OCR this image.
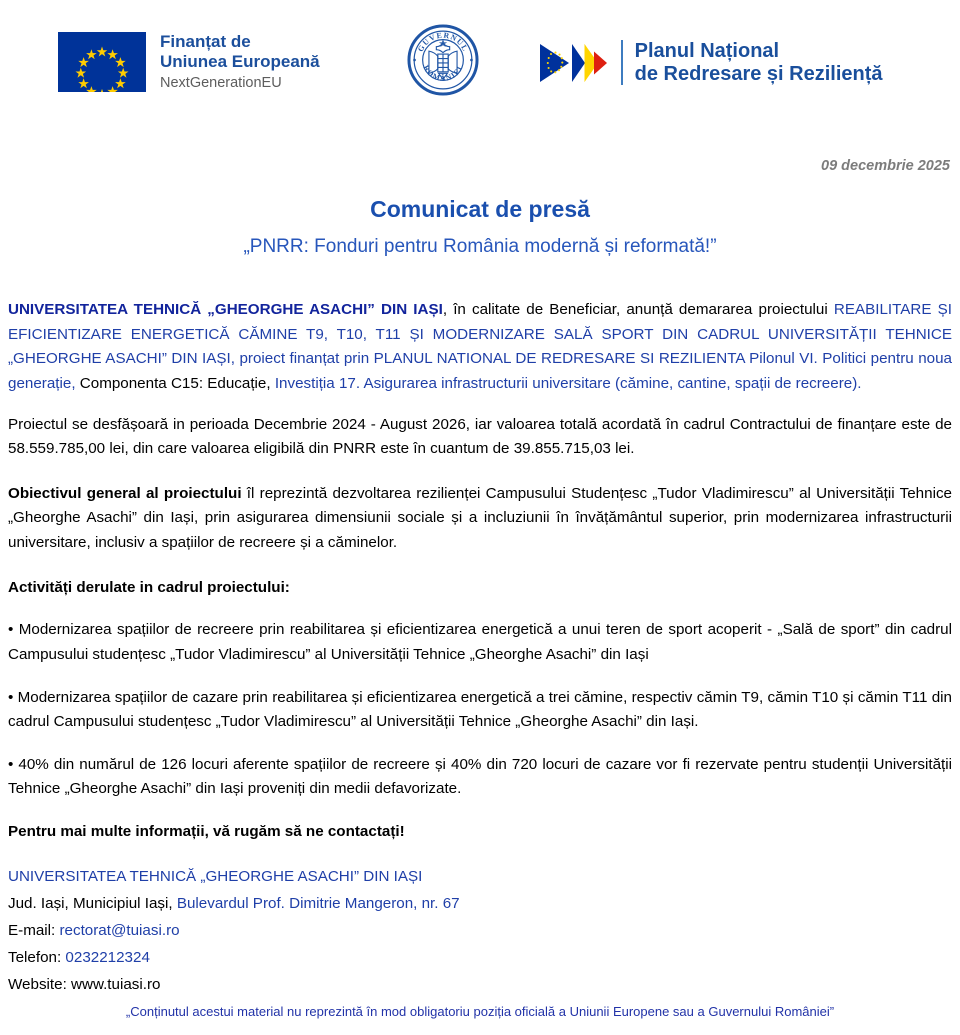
Finanțat de
Uniunea Europeană
NextGenerationEU
GUVERNUL
ROMÂNIEI
Planul Național
de Redresare și Reziliență
09 decembrie 2025
Comunicat de presă
„PNRR: Fonduri pentru România modernă și reformată!”

UNIVERSITATEA TEHNICĂ „GHEORGHE ASACHI” DIN IAȘI, în calitate de Beneficiar, anunță demararea proiectului REABILITARE ȘI EFICIENTIZARE ENERGETICĂ CĂMINE T9, T10, T11 ȘI MODERNIZARE SALĂ SPORT DIN CADRUL UNIVERSITĂȚII TEHNICE „GHEORGHE ASACHI” DIN IAȘI, proiect finanțat prin PLANUL NATIONAL DE REDRESARE SI REZILIENTA Pilonul VI. Politici pentru noua generație, Componenta C15: Educație, Investiția 17. Asigurarea infrastructurii universitare (cămine, cantine, spații de recreere).

Proiectul se desfășoară in perioada Decembrie 2024 - August 2026, iar valoarea totală acordată în cadrul Contractului de finanțare este de 58.559.785,00 lei, din care valoarea eligibilă din PNRR este în cuantum de 39.855.715,03 lei.

Obiectivul general al proiectului îl reprezintă dezvoltarea rezilienței Campusului Studențesc „Tudor Vladimirescu” al Universității Tehnice „Gheorghe Asachi” din Iași, prin asigurarea dimensiunii sociale și a incluziunii în învățământul superior, prin modernizarea infrastructurii universitare, inclusiv a spațiilor de recreere și a căminelor.

Activități derulate in cadrul proiectului:

• Modernizarea spațiilor de recreere prin reabilitarea și eficientizarea energetică a unui teren de sport acoperit - „Sală de sport” din cadrul Campusului studențesc „Tudor Vladimirescu” al Universității Tehnice „Gheorghe Asachi” din Iași

• Modernizarea spațiilor de cazare prin reabilitarea și eficientizarea energetică a trei cămine, respectiv cămin T9, cămin T10 și cămin T11 din cadrul Campusului studențesc „Tudor Vladimirescu” al Universității Tehnice „Gheorghe Asachi” din Iași.

• 40% din numărul de 126 locuri aferente spațiilor de recreere și 40% din 720 locuri de cazare vor fi rezervate pentru studenții Universității Tehnice „Gheorghe Asachi” din Iași proveniți din medii defavorizate.

Pentru mai multe informații, vă rugăm să ne contactați!

UNIVERSITATEA TEHNICĂ „GHEORGHE ASACHI” DIN IAȘI
Jud. Iași, Municipiul Iași, Bulevardul Prof. Dimitrie Mangeron, nr. 67
E-mail: rectorat@tuiasi.ro
Telefon: 0232212324
Website: www.tuiasi.ro
„Conținutul acestui material nu reprezintă în mod obligatoriu poziția oficială a Uniunii Europene sau a Guvernului României”
